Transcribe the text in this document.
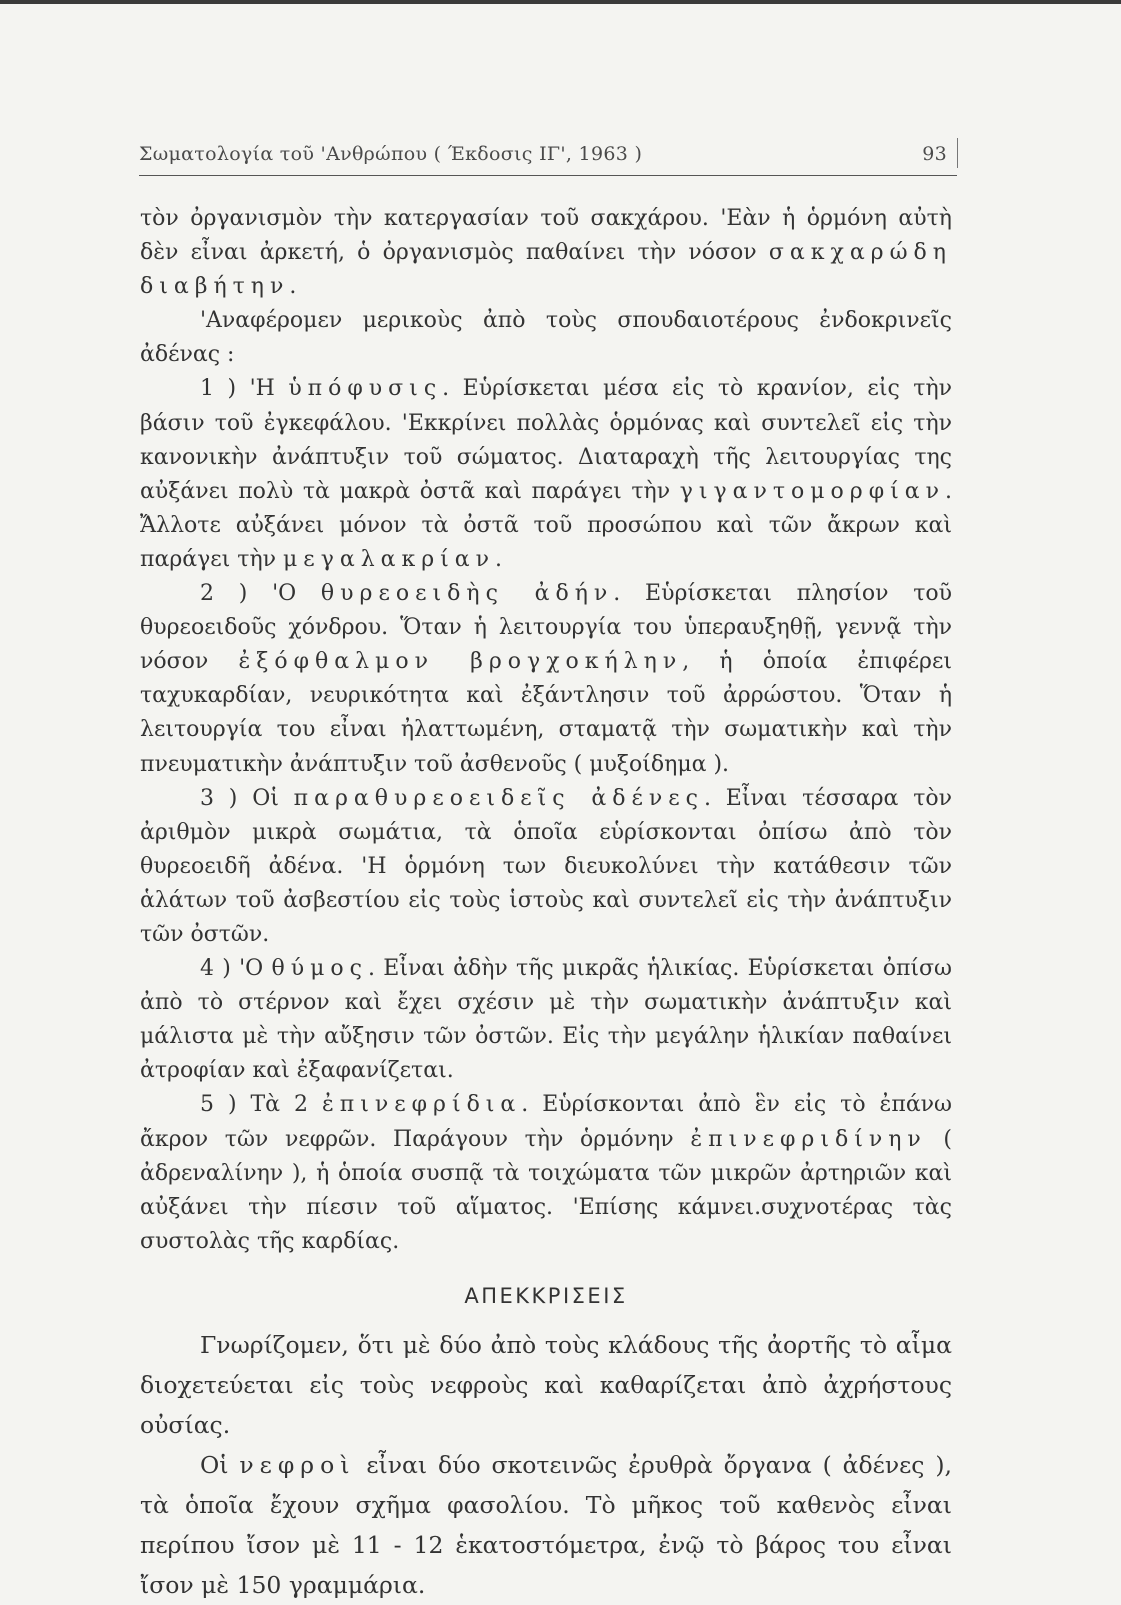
Σωματολογία τοῦ 'Ανθρώπου ( Έκδοσις ΙΓ', 1963 )	93

τὸν ὀργανισμὸν τὴν κατεργασίαν τοῦ σακχάρου. 'Εὰν ἡ ὁρμόνη αὐτὴ δὲν εἶναι ἀρκετή, ὁ ὀργανισμὸς παθαίνει τὴν νόσον σακχαρώδη διαβήτην.

'Αναφέρομεν μερικοὺς ἀπὸ τοὺς σπουδαιοτέρους ἐνδοκρινεῖς ἀδένας :

1 ) 'Η ὑπόφυσις. Εὑρίσκεται μέσα εἰς τὸ κρανίον, εἰς τὴν βάσιν τοῦ ἐγκεφάλου. 'Εκκρίνει πολλὰς ὁρμόνας καὶ συντελεῖ εἰς τὴν κανονικὴν ἀνάπτυξιν τοῦ σώματος. Διαταραχὴ τῆς λειτουργίας της αὐξάνει πολὺ τὰ μακρὰ ὀστᾶ καὶ παράγει τὴν γιγαντομορφίαν. Ἄλλοτε αὐξάνει μόνον τὰ ὀστᾶ τοῦ προσώπου καὶ τῶν ἄκρων καὶ παράγει τὴν μεγαλακρίαν.

2 ) 'Ο θυρεοειδὴς ἀδήν. Εὑρίσκεται πλησίον τοῦ θυρεοειδοῦς χόνδρου. Ὅταν ἡ λειτουργία του ὑπεραυξηθῇ, γεννᾷ τὴν νόσον ἐξόφθαλμον βρογχοκήλην, ἡ ὁποία ἐπιφέρει ταχυκαρδίαν, νευρικότητα καὶ ἐξάντλησιν τοῦ ἀρρώστου. Ὅταν ἡ λειτουργία του εἶναι ἠλαττωμένη, σταματᾷ τὴν σωματικὴν καὶ τὴν πνευματικὴν ἀνάπτυξιν τοῦ ἀσθενοῦς ( μυξοίδημα ).

3 ) Οἱ παραθυρεοειδεῖς ἀδένες. Εἶναι τέσσαρα τὸν ἀριθμὸν μικρὰ σωμάτια, τὰ ὁποῖα εὑρίσκονται ὀπίσω ἀπὸ τὸν θυρεοειδῆ ἀδένα. 'Η ὁρμόνη των διευκολύνει τὴν κατάθεσιν τῶν ἁλάτων τοῦ ἀσβεστίου εἰς τοὺς ἱστοὺς καὶ συντελεῖ εἰς τὴν ἀνάπτυξιν τῶν ὀστῶν.

4 ) 'Ο θύμος. Εἶναι ἀδὴν τῆς μικρᾶς ἡλικίας. Εὑρίσκεται ὀπίσω ἀπὸ τὸ στέρνον καὶ ἔχει σχέσιν μὲ τὴν σωματικὴν ἀνάπτυξιν καὶ μάλιστα μὲ τὴν αὔξησιν τῶν ὀστῶν. Εἰς τὴν μεγάλην ἡλικίαν παθαίνει ἀτροφίαν καὶ ἐξαφανίζεται.

5 ) Τὰ 2 ἐπινεφρίδια. Εὑρίσκονται ἀπὸ ἓν εἰς τὸ ἐπάνω ἄκρον τῶν νεφρῶν. Παράγουν τὴν ὁρμόνην ἐπινεφριδίνην ( ἀδρεναλίνην ), ἡ ὁποία συσπᾷ τὰ τοιχώματα τῶν μικρῶν ἀρτηριῶν καὶ αὐξάνει τὴν πίεσιν τοῦ αἵματος. 'Επίσης κάμνει.συχνοτέρας τὰς συστολὰς τῆς καρδίας.

ΑΠΕΚΚΡΙΣΕΙΣ

Γνωρίζομεν, ὅτι μὲ δύο ἀπὸ τοὺς κλάδους τῆς ἀορτῆς τὸ αἷμα διοχετεύεται εἰς τοὺς νεφροὺς καὶ καθαρίζεται ἀπὸ ἀχρήστους οὐσίας.

Οἱ νεφροὶ εἶναι δύο σκοτεινῶς ἐρυθρὰ ὄργανα ( ἀδένες ), τὰ ὁποῖα ἔχουν σχῆμα φασολίου. Τὸ μῆκος τοῦ καθενὸς εἶναι περίπου ἴσον μὲ 11 - 12 ἑκατοστόμετρα, ἐνῷ τὸ βάρος του εἶναι ἴσον μὲ 150 γραμμάρια.
